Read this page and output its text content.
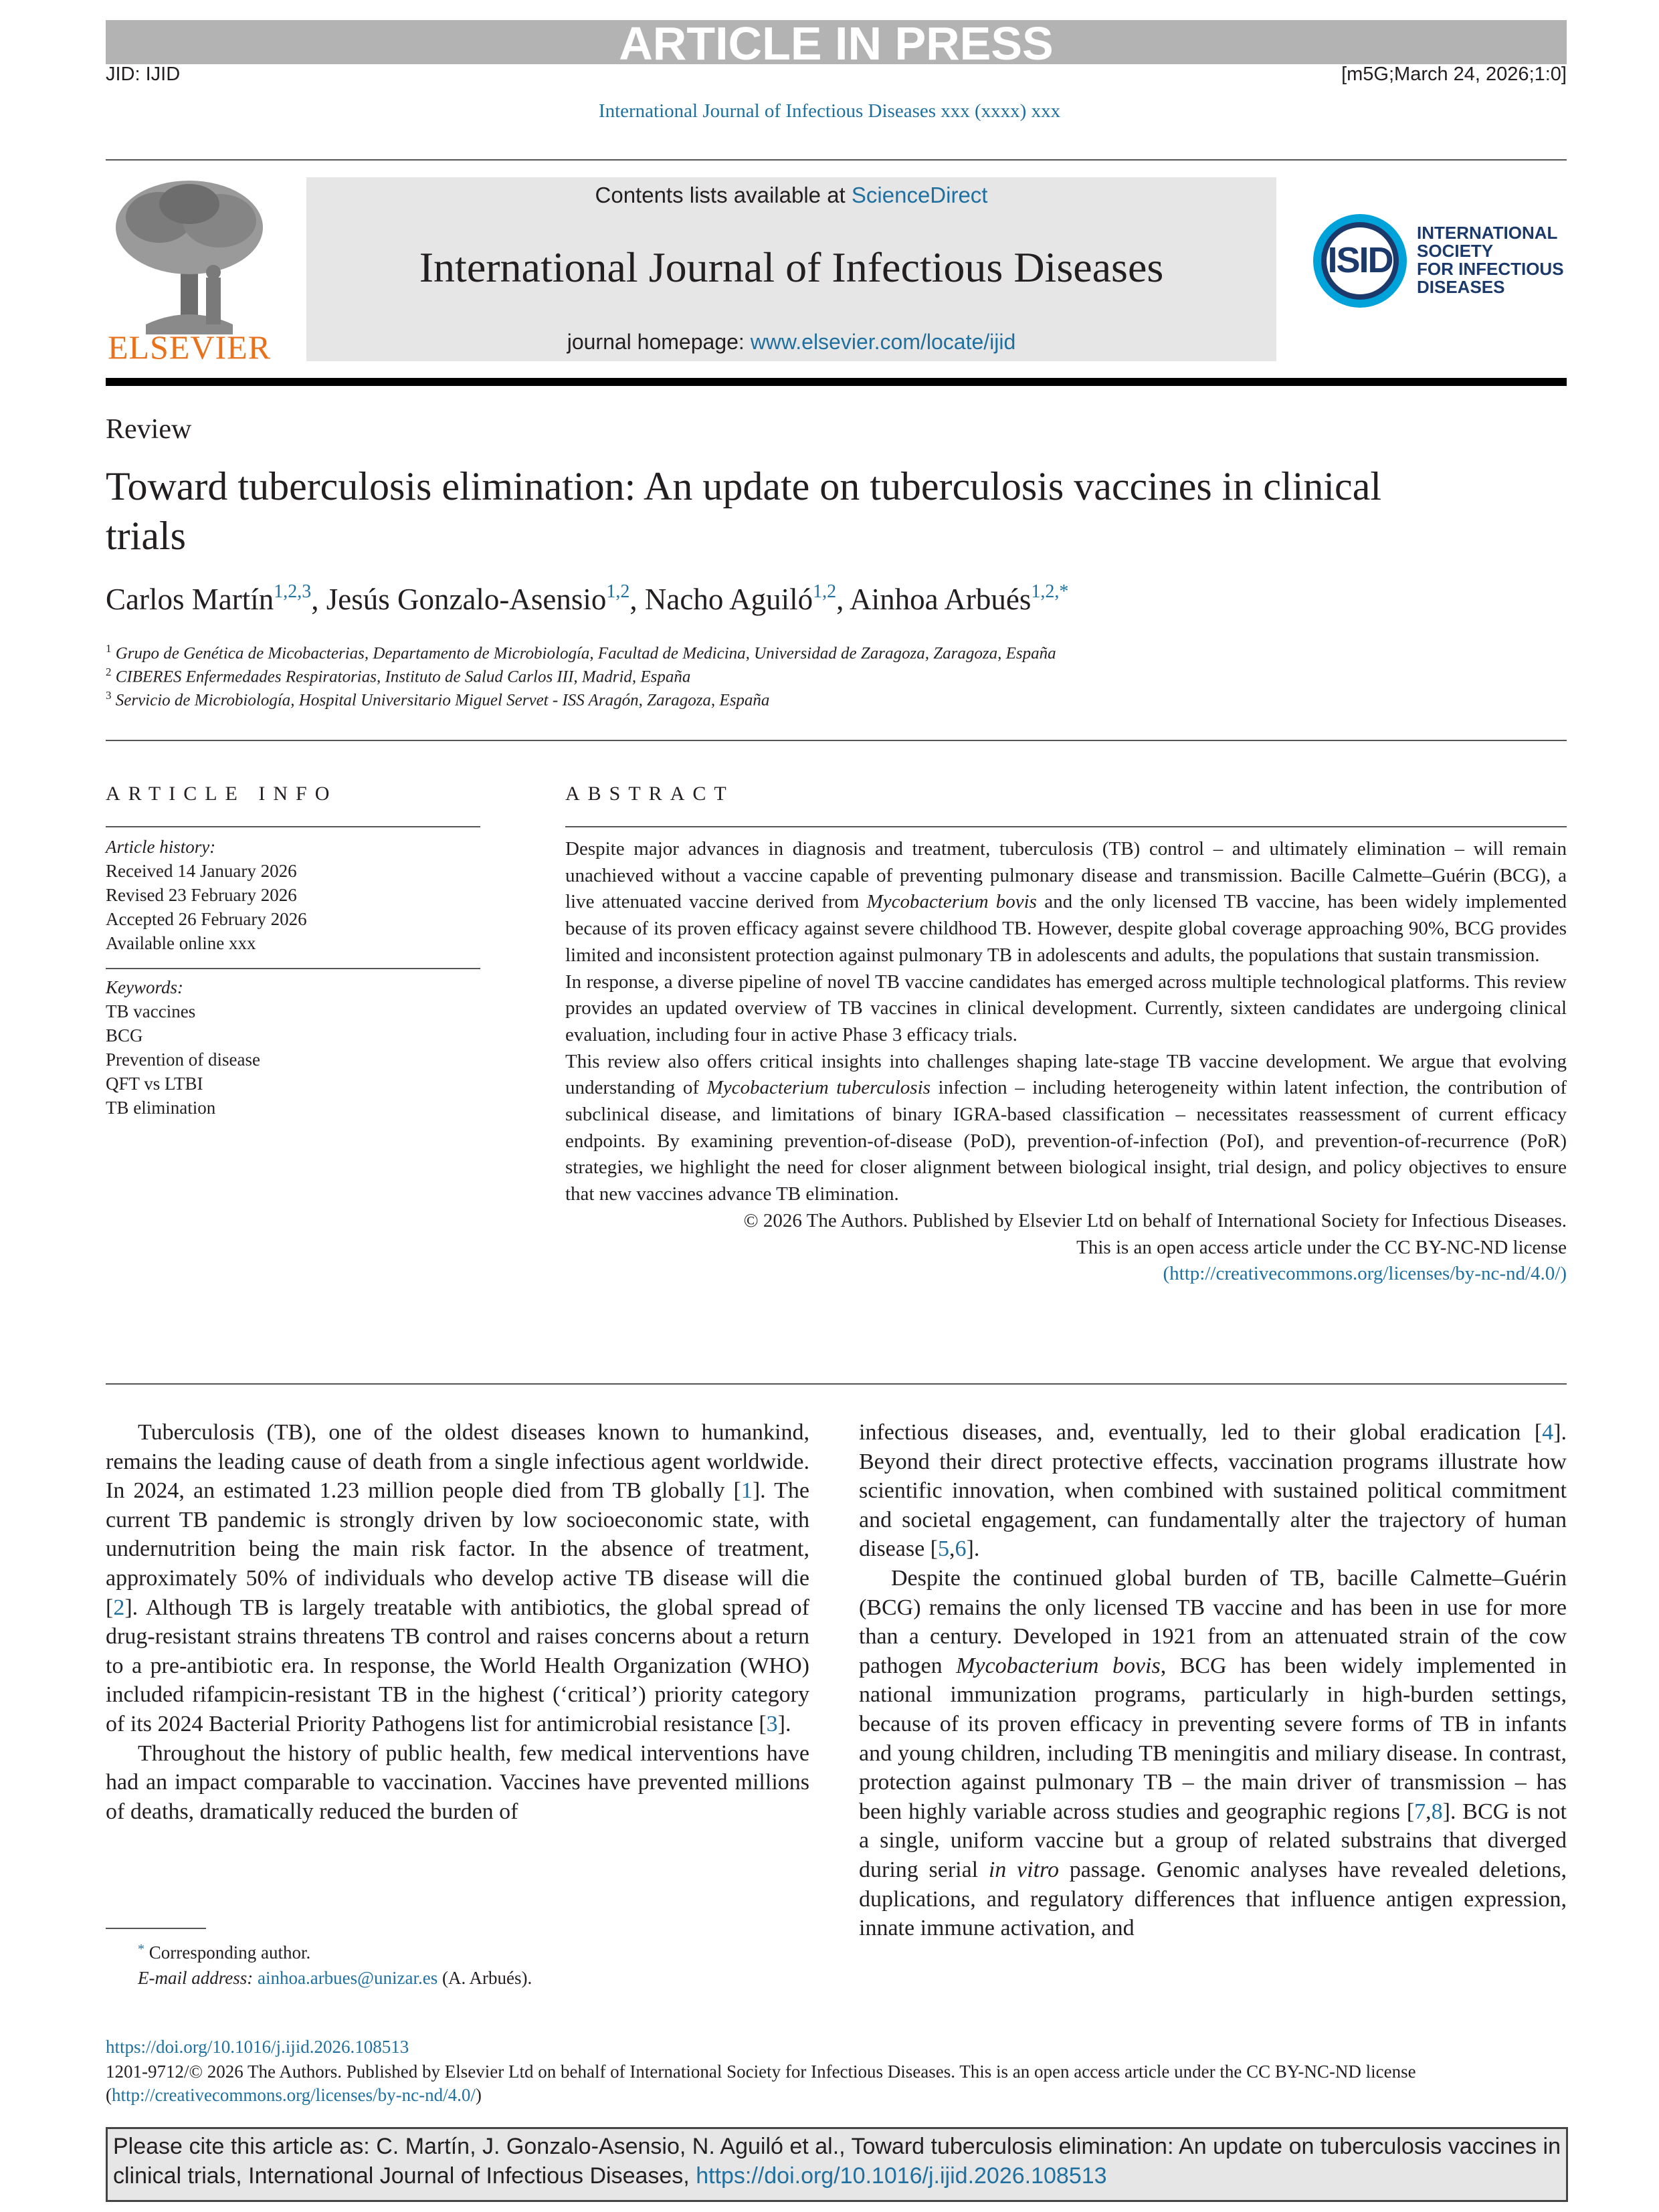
ARTICLE IN PRESS
JID: IJID	[m5G;March 24, 2026;1:0]
International Journal of Infectious Diseases xxx (xxxx) xxx
ELSEVIER
Contents lists available at ScienceDirect
International Journal of Infectious Diseases
journal homepage: www.elsevier.com/locate/ijid
ISID
INTERNATIONAL
SOCIETY
FOR INFECTIOUS
DISEASES
Review
Toward tuberculosis elimination: An update on tuberculosis vaccines in clinical trials
Carlos Martín$^{1,2,3}$, Jesús Gonzalo-Asensio$^{1,2}$, Nacho Aguiló$^{1,2}$, Ainhoa Arbués$^{1,2,*}$
$^1$ Grupo de Genética de Micobacterias, Departamento de Microbiología, Facultad de Medicina, Universidad de Zaragoza, Zaragoza, España
$^2$ CIBERES Enfermedades Respiratorias, Instituto de Salud Carlos III, Madrid, España
$^3$ Servicio de Microbiología, Hospital Universitario Miguel Servet - ISS Aragón, Zaragoza, España
ARTICLE INFO
Article history:
Received 14 January 2026
Revised 23 February 2026
Accepted 26 February 2026
Available online xxx
Keywords:
TB vaccines
BCG
Prevention of disease
QFT vs LTBI
TB elimination
ABSTRACT

Despite major advances in diagnosis and treatment, tuberculosis (TB) control – and ultimately elimination – will remain unachieved without a vaccine capable of preventing pulmonary disease and transmission. Bacille Calmette–Guérin (BCG), a live attenuated vaccine derived from Mycobacterium bovis and the only licensed TB vaccine, has been widely implemented because of its proven efficacy against severe childhood TB. However, despite global coverage approaching 90%, BCG provides limited and inconsistent protection against pulmonary TB in adolescents and adults, the populations that sustain transmission.

In response, a diverse pipeline of novel TB vaccine candidates has emerged across multiple technological platforms. This review provides an updated overview of TB vaccines in clinical development. Currently, sixteen candidates are undergoing clinical evaluation, including four in active Phase 3 efficacy trials.

This review also offers critical insights into challenges shaping late-stage TB vaccine development. We argue that evolving understanding of Mycobacterium tuberculosis infection – including heterogeneity within latent infection, the contribution of subclinical disease, and limitations of binary IGRA-based classification – necessitates reassessment of current efficacy endpoints. By examining prevention-of-disease (PoD), prevention-of-infection (PoI), and prevention-of-recurrence (PoR) strategies, we highlight the need for closer alignment between biological insight, trial design, and policy objectives to ensure that new vaccines advance TB elimination.

© 2026 The Authors. Published by Elsevier Ltd on behalf of International Society for Infectious Diseases.

This is an open access article under the CC BY-NC-ND license

(http://creativecommons.org/licenses/by-nc-nd/4.0/)

Tuberculosis (TB), one of the oldest diseases known to humankind, remains the leading cause of death from a single infectious agent worldwide. In 2024, an estimated 1.23 million people died from TB globally [1]. The current TB pandemic is strongly driven by low socioeconomic state, with undernutrition being the main risk factor. In the absence of treatment, approximately 50% of individuals who develop active TB disease will die [2]. Although TB is largely treatable with antibiotics, the global spread of drug-resistant strains threatens TB control and raises concerns about a return to a pre-antibiotic era. In response, the World Health Organization (WHO) included rifampicin-resistant TB in the highest (‘critical’) priority category of its 2024 Bacterial Priority Pathogens list for antimicrobial resistance [3].

Throughout the history of public health, few medical interventions have had an impact comparable to vaccination. Vaccines have prevented millions of deaths, dramatically reduced the burden of

infectious diseases, and, eventually, led to their global eradication [4]. Beyond their direct protective effects, vaccination programs illustrate how scientific innovation, when combined with sustained political commitment and societal engagement, can fundamentally alter the trajectory of human disease [5,6].

Despite the continued global burden of TB, bacille Calmette–Guérin (BCG) remains the only licensed TB vaccine and has been in use for more than a century. Developed in 1921 from an attenuated strain of the cow pathogen Mycobacterium bovis, BCG has been widely implemented in national immunization programs, particularly in high-burden settings, because of its proven efficacy in preventing severe forms of TB in infants and young children, including TB meningitis and miliary disease. In contrast, protection against pulmonary TB – the main driver of transmission – has been highly variable across studies and geographic regions [7,8]. BCG is not a single, uniform vaccine but a group of related substrains that diverged during serial in vitro passage. Genomic analyses have revealed deletions, duplications, and regulatory differences that influence antigen expression, innate immune activation, and

* Corresponding author.
E-mail address: ainhoa.arbues@unizar.es (A. Arbués).
https://doi.org/10.1016/j.ijid.2026.108513
1201-9712/© 2026 The Authors. Published by Elsevier Ltd on behalf of International Society for Infectious Diseases. This is an open access article under the CC BY-NC-ND license (http://creativecommons.org/licenses/by-nc-nd/4.0/)
Please cite this article as: C. Martín, J. Gonzalo-Asensio, N. Aguiló et al., Toward tuberculosis elimination: An update on tuberculosis vaccines in clinical trials, International Journal of Infectious Diseases, https://doi.org/10.1016/j.ijid.2026.108513
